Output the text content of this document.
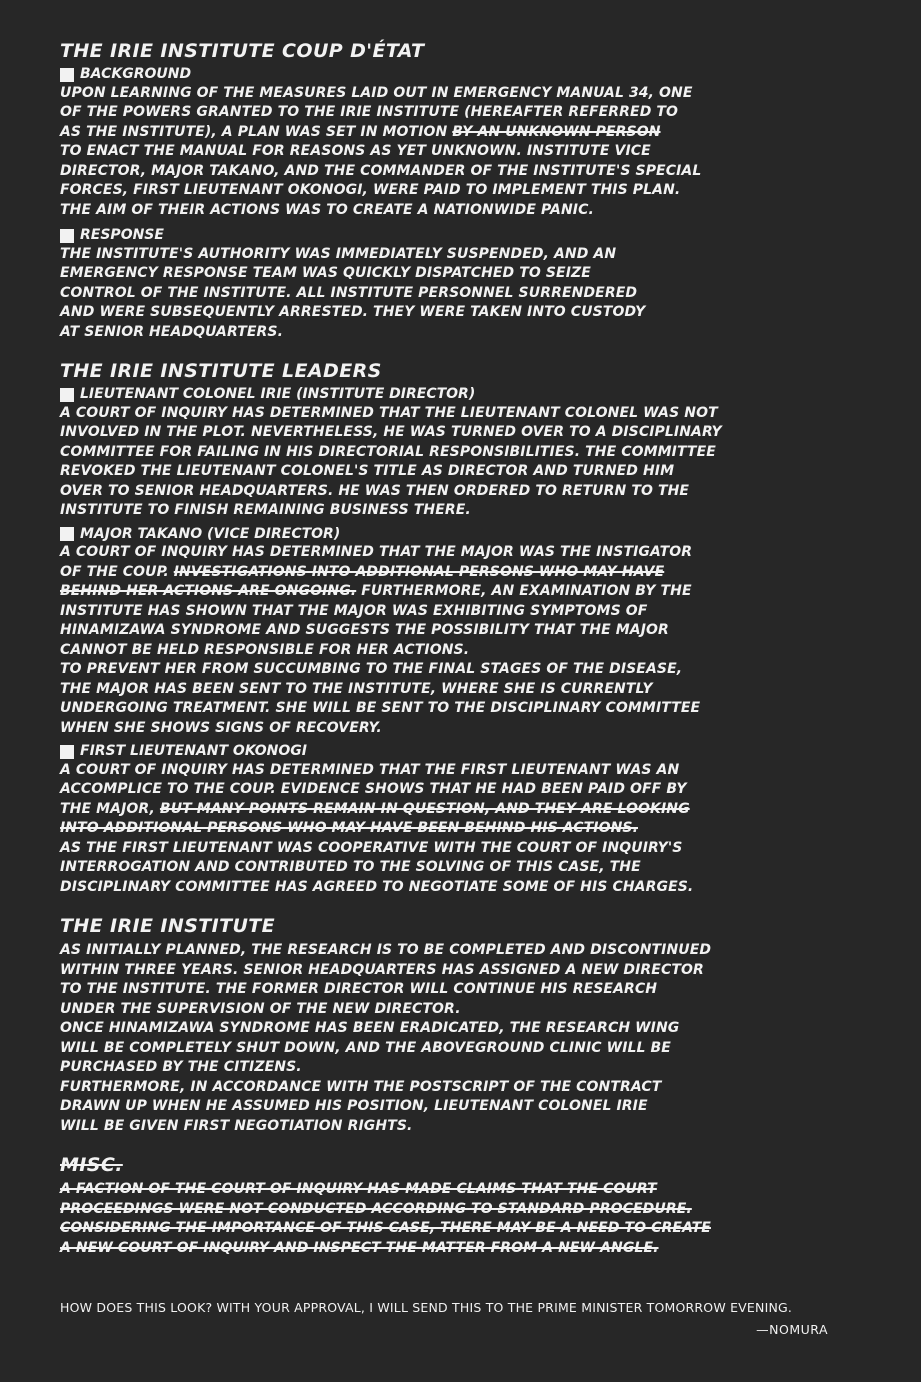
THE IRIE INSTITUTE COUP D'ÉTAT
BACKGROUND
UPON LEARNING OF THE MEASURES LAID OUT IN EMERGENCY MANUAL 34, ONE
OF THE POWERS GRANTED TO THE IRIE INSTITUTE (HEREAFTER REFERRED TO
AS THE INSTITUTE), A PLAN WAS SET IN MOTION BY AN UNKNOWN PERSON
TO ENACT THE MANUAL FOR REASONS AS YET UNKNOWN. INSTITUTE VICE
DIRECTOR, MAJOR TAKANO, AND THE COMMANDER OF THE INSTITUTE'S SPECIAL
FORCES, FIRST LIEUTENANT OKONOGI, WERE PAID TO IMPLEMENT THIS PLAN.
THE AIM OF THEIR ACTIONS WAS TO CREATE A NATIONWIDE PANIC.
RESPONSE
THE INSTITUTE'S AUTHORITY WAS IMMEDIATELY SUSPENDED, AND AN
EMERGENCY RESPONSE TEAM WAS QUICKLY DISPATCHED TO SEIZE
CONTROL OF THE INSTITUTE. ALL INSTITUTE PERSONNEL SURRENDERED
AND WERE SUBSEQUENTLY ARRESTED. THEY WERE TAKEN INTO CUSTODY
AT SENIOR HEADQUARTERS.
THE IRIE INSTITUTE LEADERS
LIEUTENANT COLONEL IRIE (INSTITUTE DIRECTOR)
A COURT OF INQUIRY HAS DETERMINED THAT THE LIEUTENANT COLONEL WAS NOT
INVOLVED IN THE PLOT. NEVERTHELESS, HE WAS TURNED OVER TO A DISCIPLINARY
COMMITTEE FOR FAILING IN HIS DIRECTORIAL RESPONSIBILITIES. THE COMMITTEE
REVOKED THE LIEUTENANT COLONEL'S TITLE AS DIRECTOR AND TURNED HIM
OVER TO SENIOR HEADQUARTERS. HE WAS THEN ORDERED TO RETURN TO THE
INSTITUTE TO FINISH REMAINING BUSINESS THERE.
MAJOR TAKANO (VICE DIRECTOR)
A COURT OF INQUIRY HAS DETERMINED THAT THE MAJOR WAS THE INSTIGATOR
OF THE COUP. INVESTIGATIONS INTO ADDITIONAL PERSONS WHO MAY HAVE
BEHIND HER ACTIONS ARE ONGOING. FURTHERMORE, AN EXAMINATION BY THE
INSTITUTE HAS SHOWN THAT THE MAJOR WAS EXHIBITING SYMPTOMS OF
HINAMIZAWA SYNDROME AND SUGGESTS THE POSSIBILITY THAT THE MAJOR
CANNOT BE HELD RESPONSIBLE FOR HER ACTIONS.
TO PREVENT HER FROM SUCCUMBING TO THE FINAL STAGES OF THE DISEASE,
THE MAJOR HAS BEEN SENT TO THE INSTITUTE, WHERE SHE IS CURRENTLY
UNDERGOING TREATMENT. SHE WILL BE SENT TO THE DISCIPLINARY COMMITTEE
WHEN SHE SHOWS SIGNS OF RECOVERY.
FIRST LIEUTENANT OKONOGI
A COURT OF INQUIRY HAS DETERMINED THAT THE FIRST LIEUTENANT WAS AN
ACCOMPLICE TO THE COUP. EVIDENCE SHOWS THAT HE HAD BEEN PAID OFF BY
THE MAJOR, BUT MANY POINTS REMAIN IN QUESTION, AND THEY ARE LOOKING
INTO ADDITIONAL PERSONS WHO MAY HAVE BEEN BEHIND HIS ACTIONS.
AS THE FIRST LIEUTENANT WAS COOPERATIVE WITH THE COURT OF INQUIRY'S
INTERROGATION AND CONTRIBUTED TO THE SOLVING OF THIS CASE, THE
DISCIPLINARY COMMITTEE HAS AGREED TO NEGOTIATE SOME OF HIS CHARGES.
THE IRIE INSTITUTE
AS INITIALLY PLANNED, THE RESEARCH IS TO BE COMPLETED AND DISCONTINUED
WITHIN THREE YEARS. SENIOR HEADQUARTERS HAS ASSIGNED A NEW DIRECTOR
TO THE INSTITUTE. THE FORMER DIRECTOR WILL CONTINUE HIS RESEARCH
UNDER THE SUPERVISION OF THE NEW DIRECTOR.
ONCE HINAMIZAWA SYNDROME HAS BEEN ERADICATED, THE RESEARCH WING
WILL BE COMPLETELY SHUT DOWN, AND THE ABOVEGROUND CLINIC WILL BE
PURCHASED BY THE CITIZENS.
FURTHERMORE, IN ACCORDANCE WITH THE POSTSCRIPT OF THE CONTRACT
DRAWN UP WHEN HE ASSUMED HIS POSITION, LIEUTENANT COLONEL IRIE
WILL BE GIVEN FIRST NEGOTIATION RIGHTS.
MISC.
A FACTION OF THE COURT OF INQUIRY HAS MADE CLAIMS THAT THE COURT
PROCEEDINGS WERE NOT CONDUCTED ACCORDING TO STANDARD PROCEDURE.
CONSIDERING THE IMPORTANCE OF THIS CASE, THERE MAY BE A NEED TO CREATE
A NEW COURT OF INQUIRY AND INSPECT THE MATTER FROM A NEW ANGLE.
HOW DOES THIS LOOK? WITH YOUR APPROVAL, I WILL SEND THIS TO THE PRIME MINISTER TOMORROW EVENING.
—NOMURA
